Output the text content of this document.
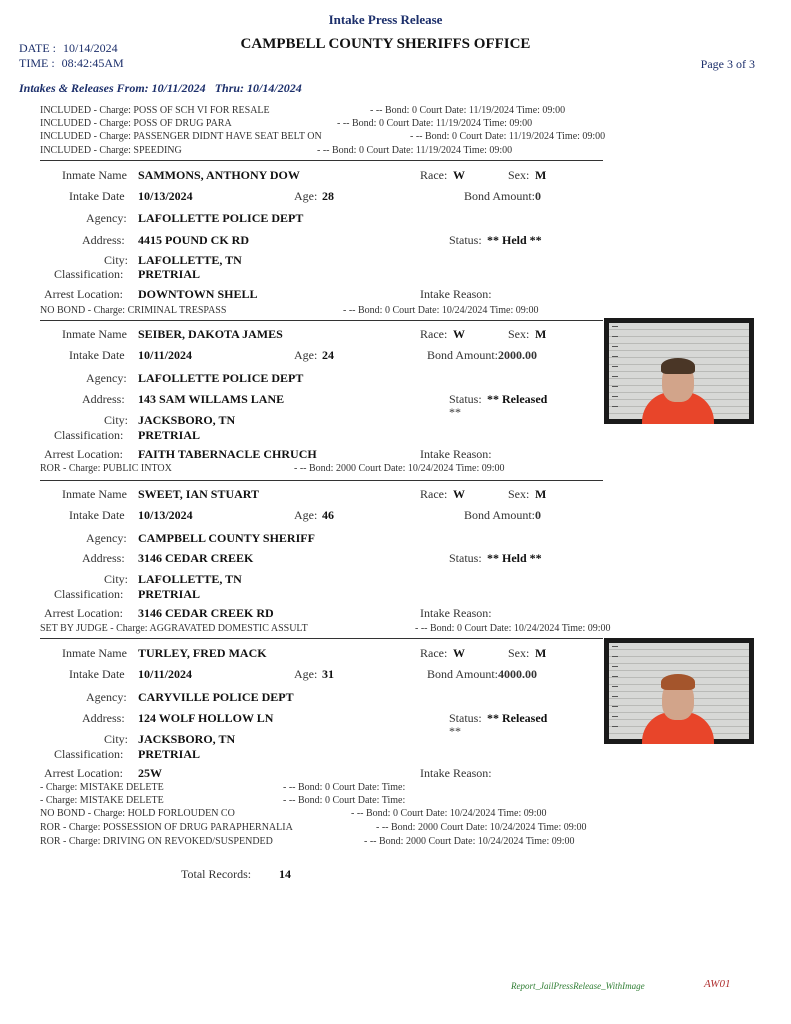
Intake Press Release
CAMPBELL COUNTY SHERIFFS OFFICE
DATE : 10/14/2024
TIME : 08:42:45AM	Page 3 of 3
Intakes & Releases From: 10/11/2024 Thru: 10/14/2024
INCLUDED - Charge: POSS OF SCH VI FOR RESALE	- -- Bond: 0 Court Date: 11/19/2024 Time: 09:00
INCLUDED - Charge: POSS OF DRUG PARA	- -- Bond: 0 Court Date: 11/19/2024 Time: 09:00
INCLUDED - Charge: PASSENGER DIDNT HAVE SEAT BELT ON	- -- Bond: 0 Court Date: 11/19/2024 Time: 09:00
INCLUDED - Charge: SPEEDING	- -- Bond: 0 Court Date: 11/19/2024 Time: 09:00
Inmate Name SAMMONS, ANTHONY DOW	Race: W	Sex: M
Intake Date 10/13/2024	Age: 28	Bond Amount:0
Agency: LAFOLLETTE POLICE DEPT
Address: 4415 POUND CK RD	Status: ** Held **
City: LAFOLLETTE, TN
Classification: PRETRIAL
Arrest Location: DOWNTOWN SHELL	Intake Reason:
NO BOND - Charge: CRIMINAL TRESPASS	- -- Bond: 0 Court Date: 10/24/2024 Time: 09:00
Inmate Name SEIBER, DAKOTA JAMES	Race: W	Sex: M
Intake Date 10/11/2024	Age: 24	Bond Amount:2000.00
Agency: LAFOLLETTE POLICE DEPT
Address: 143 SAM WILLAMS LANE	Status: ** Released
**
City: JACKSBORO, TN
Classification: PRETRIAL
Arrest Location: FAITH TABERNACLE CHRUCH	Intake Reason:
ROR - Charge: PUBLIC INTOX	- -- Bond: 2000 Court Date: 10/24/2024 Time: 09:00
Inmate Name SWEET, IAN STUART	Race: W	Sex: M
Intake Date 10/13/2024	Age: 46	Bond Amount:0
Agency: CAMPBELL COUNTY SHERIFF
Address: 3146 CEDAR CREEK	Status: ** Held **
City: LAFOLLETTE, TN
Classification: PRETRIAL
Arrest Location: 3146 CEDAR CREEK RD	Intake Reason:
SET BY JUDGE - Charge: AGGRAVATED DOMESTIC ASSULT	- -- Bond: 0 Court Date: 10/24/2024 Time: 09:00
Inmate Name TURLEY, FRED MACK	Race: W	Sex: M
Intake Date 10/11/2024	Age: 31	Bond Amount:4000.00
Agency: CARYVILLE POLICE DEPT
Address: 124 WOLF HOLLOW LN	Status: ** Released
**
City: JACKSBORO, TN
Classification: PRETRIAL
Arrest Location: 25W	Intake Reason:
- Charge: MISTAKE DELETE	- -- Bond: 0 Court Date: Time:
- Charge: MISTAKE DELETE	- -- Bond: 0 Court Date: Time:
NO BOND - Charge: HOLD FORLOUDEN CO	- -- Bond: 0 Court Date: 10/24/2024 Time: 09:00
ROR - Charge: POSSESSION OF DRUG PARAPHERNALIA	- -- Bond: 2000 Court Date: 10/24/2024 Time: 09:00
ROR - Charge: DRIVING ON REVOKED/SUSPENDED	- -- Bond: 2000 Court Date: 10/24/2024 Time: 09:00
Total Records: 14
Report_JailPressRelease_WithImage	AW01
